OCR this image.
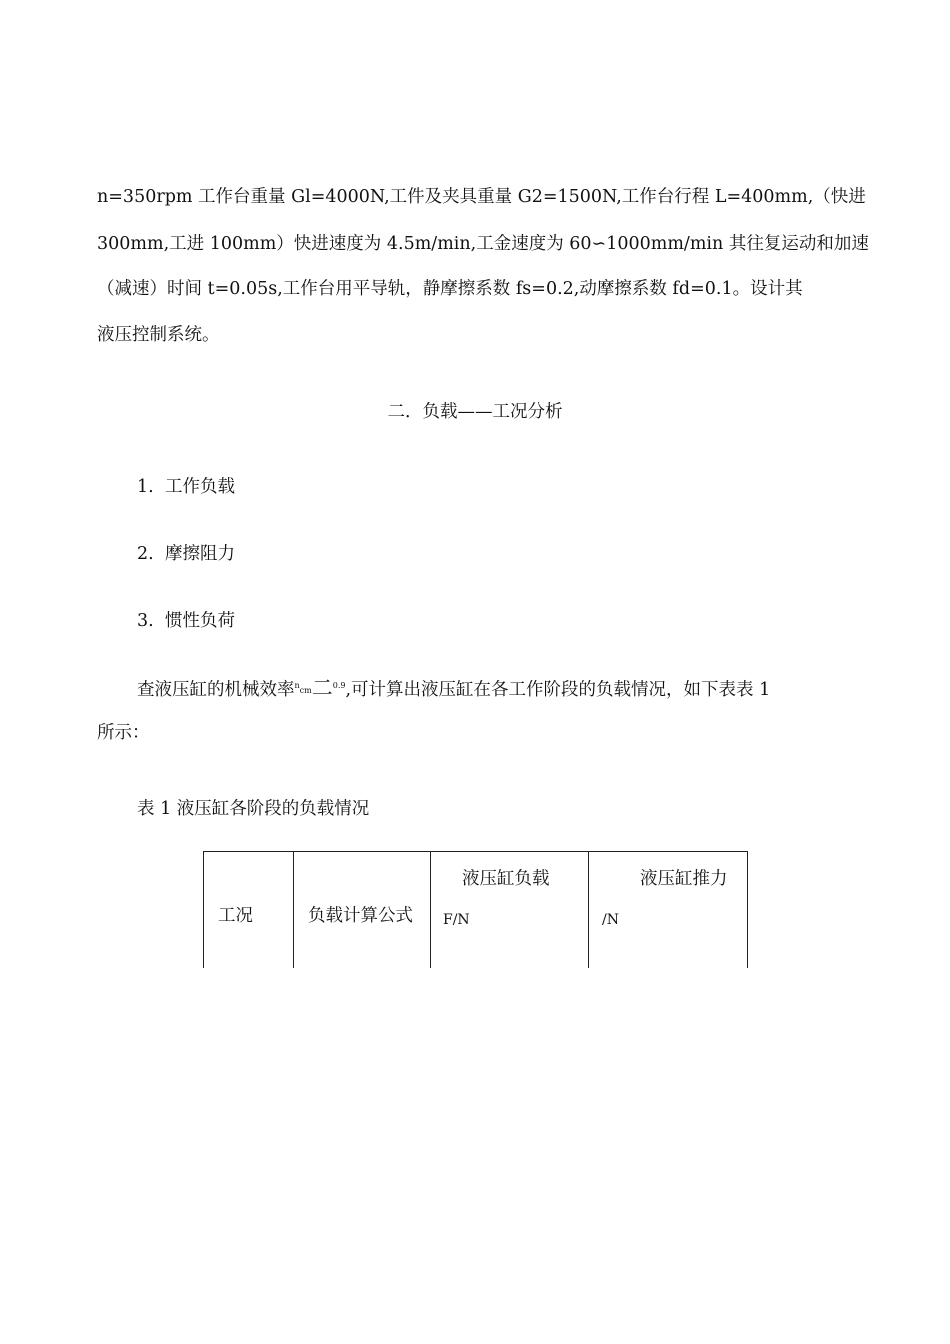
n=350rpm 工作台重量 Gl=4000N,工件及夹具重量 G2=1500N,工作台行程 L=400mm,（快进
300mm,工进 100mm）快进速度为 4.5m/min,工金速度为 60∽1000mm/min 其往复运动和加速
（减速）时间 t=0.05s,工作台用平导轨，静摩擦系数 fs=0.2,动摩擦系数 fd=0.1。设计其
液压控制系统。
二．负载——工况分析
1. 工作负载
2. 摩擦阻力
3. 惯性负荷
查液压缸的机械效率$^n$cm二$^{0.9}$,可计算出液压缸在各工作阶段的负载情况，如下表表 1
所示：
表 1 液压缸各阶段的负载情况
工况	负载计算公式
液压缸负载
F/N
液压缸推力
/N
